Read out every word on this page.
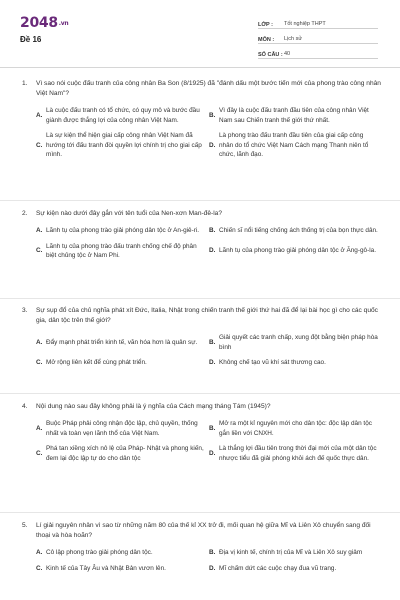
2048.vn
Đề 16
LỚP :	Tốt nghiệp THPT
MÔN :	Lịch sử
SỐ CÂU : 40
1.	Vì sao nói cuộc đấu tranh của công nhân Ba Son (8/1925) đã "đánh dấu một bước tiến mới của phong trào công nhân Việt Nam"?
A.
Là cuộc đấu tranh có tổ chức, có quy mô và bước đầu giành được thắng lợi của công nhân Việt Nam.
B.
Vì đây là cuộc đấu tranh đầu tiên của công nhân Việt Nam sau Chiến tranh thế giới thứ nhất.
C.
Là sự kiện thể hiện giai cấp công nhân Việt Nam đã hướng tới đấu tranh đòi quyền lợi chính trị cho giai cấp mình.
D.
Là phong trào đấu tranh đầu tiên của giai cấp công nhân do tổ chức Việt Nam Cách mạng Thanh niên tổ chức, lãnh đạo.
2.	Sự kiện nào dưới đây gắn với tên tuổi của Nen-xơn Man-đê-la?
A. Lãnh tụ của phong trào giải phóng dân tộc ở An-giê-ri.	B. Chiến sĩ nổi tiếng chống ách thống trị của bọn thực dân.
C.
Lãnh tụ của phong trào đấu tranh chống chế độ phân biệt chủng tộc ở Nam Phi.
D. Lãnh tụ của phong trào giải phóng dân tộc ở Ăng-gô-la.
3.	Sự sụp đổ của chủ nghĩa phát xít Đức, Italia, Nhật trong chiến tranh thế giới thứ hai đã để lại bài học gì cho các quốc gia, dân tộc trên thế giới?
A. Đẩy mạnh phát triển kinh tế, văn hóa hơn là quân sự.	B.
Giải quyết các tranh chấp, xung đột bằng biện pháp hòa bình
C. Mở rộng liên kết để cùng phát triển.	D. Không chế tạo vũ khí sát thương cao.
4.	Nội dung nào sau đây không phải là ý nghĩa của Cách mạng tháng Tám (1945)?
A.
Buộc Pháp phải công nhận độc lập, chủ quyền, thống nhất và toàn vẹn lãnh thổ của Việt Nam.
B.
Mở ra một kỉ nguyên mới cho dân tộc: độc lập dân tộc gắn liền với CNXH.
C.
Phá tan xiềng xích nô lệ của Pháp- Nhật và phong kiến, đem lại độc lập tự do cho dân tộc
D.
Là thắng lợi đầu tiên trong thời đại mới của một dân tộc nhược tiểu đã giải phóng khỏi ách đế quốc thực dân.
5.	Lí giải nguyên nhân vì sao từ những năm 80 của thế kỉ XX trở đi, mối quan hệ giữa Mĩ và Liên Xô chuyển sang đối thoại và hòa hoãn?
A. Cô lập phong trào giải phóng dân tộc.	B. Địa vị kinh tế, chính trị của Mĩ và Liên Xô suy giảm
C. Kinh tế của Tây Âu và Nhật Bản vươn lên.	D. Mĩ chấm dứt các cuộc chạy đua vũ trang.
